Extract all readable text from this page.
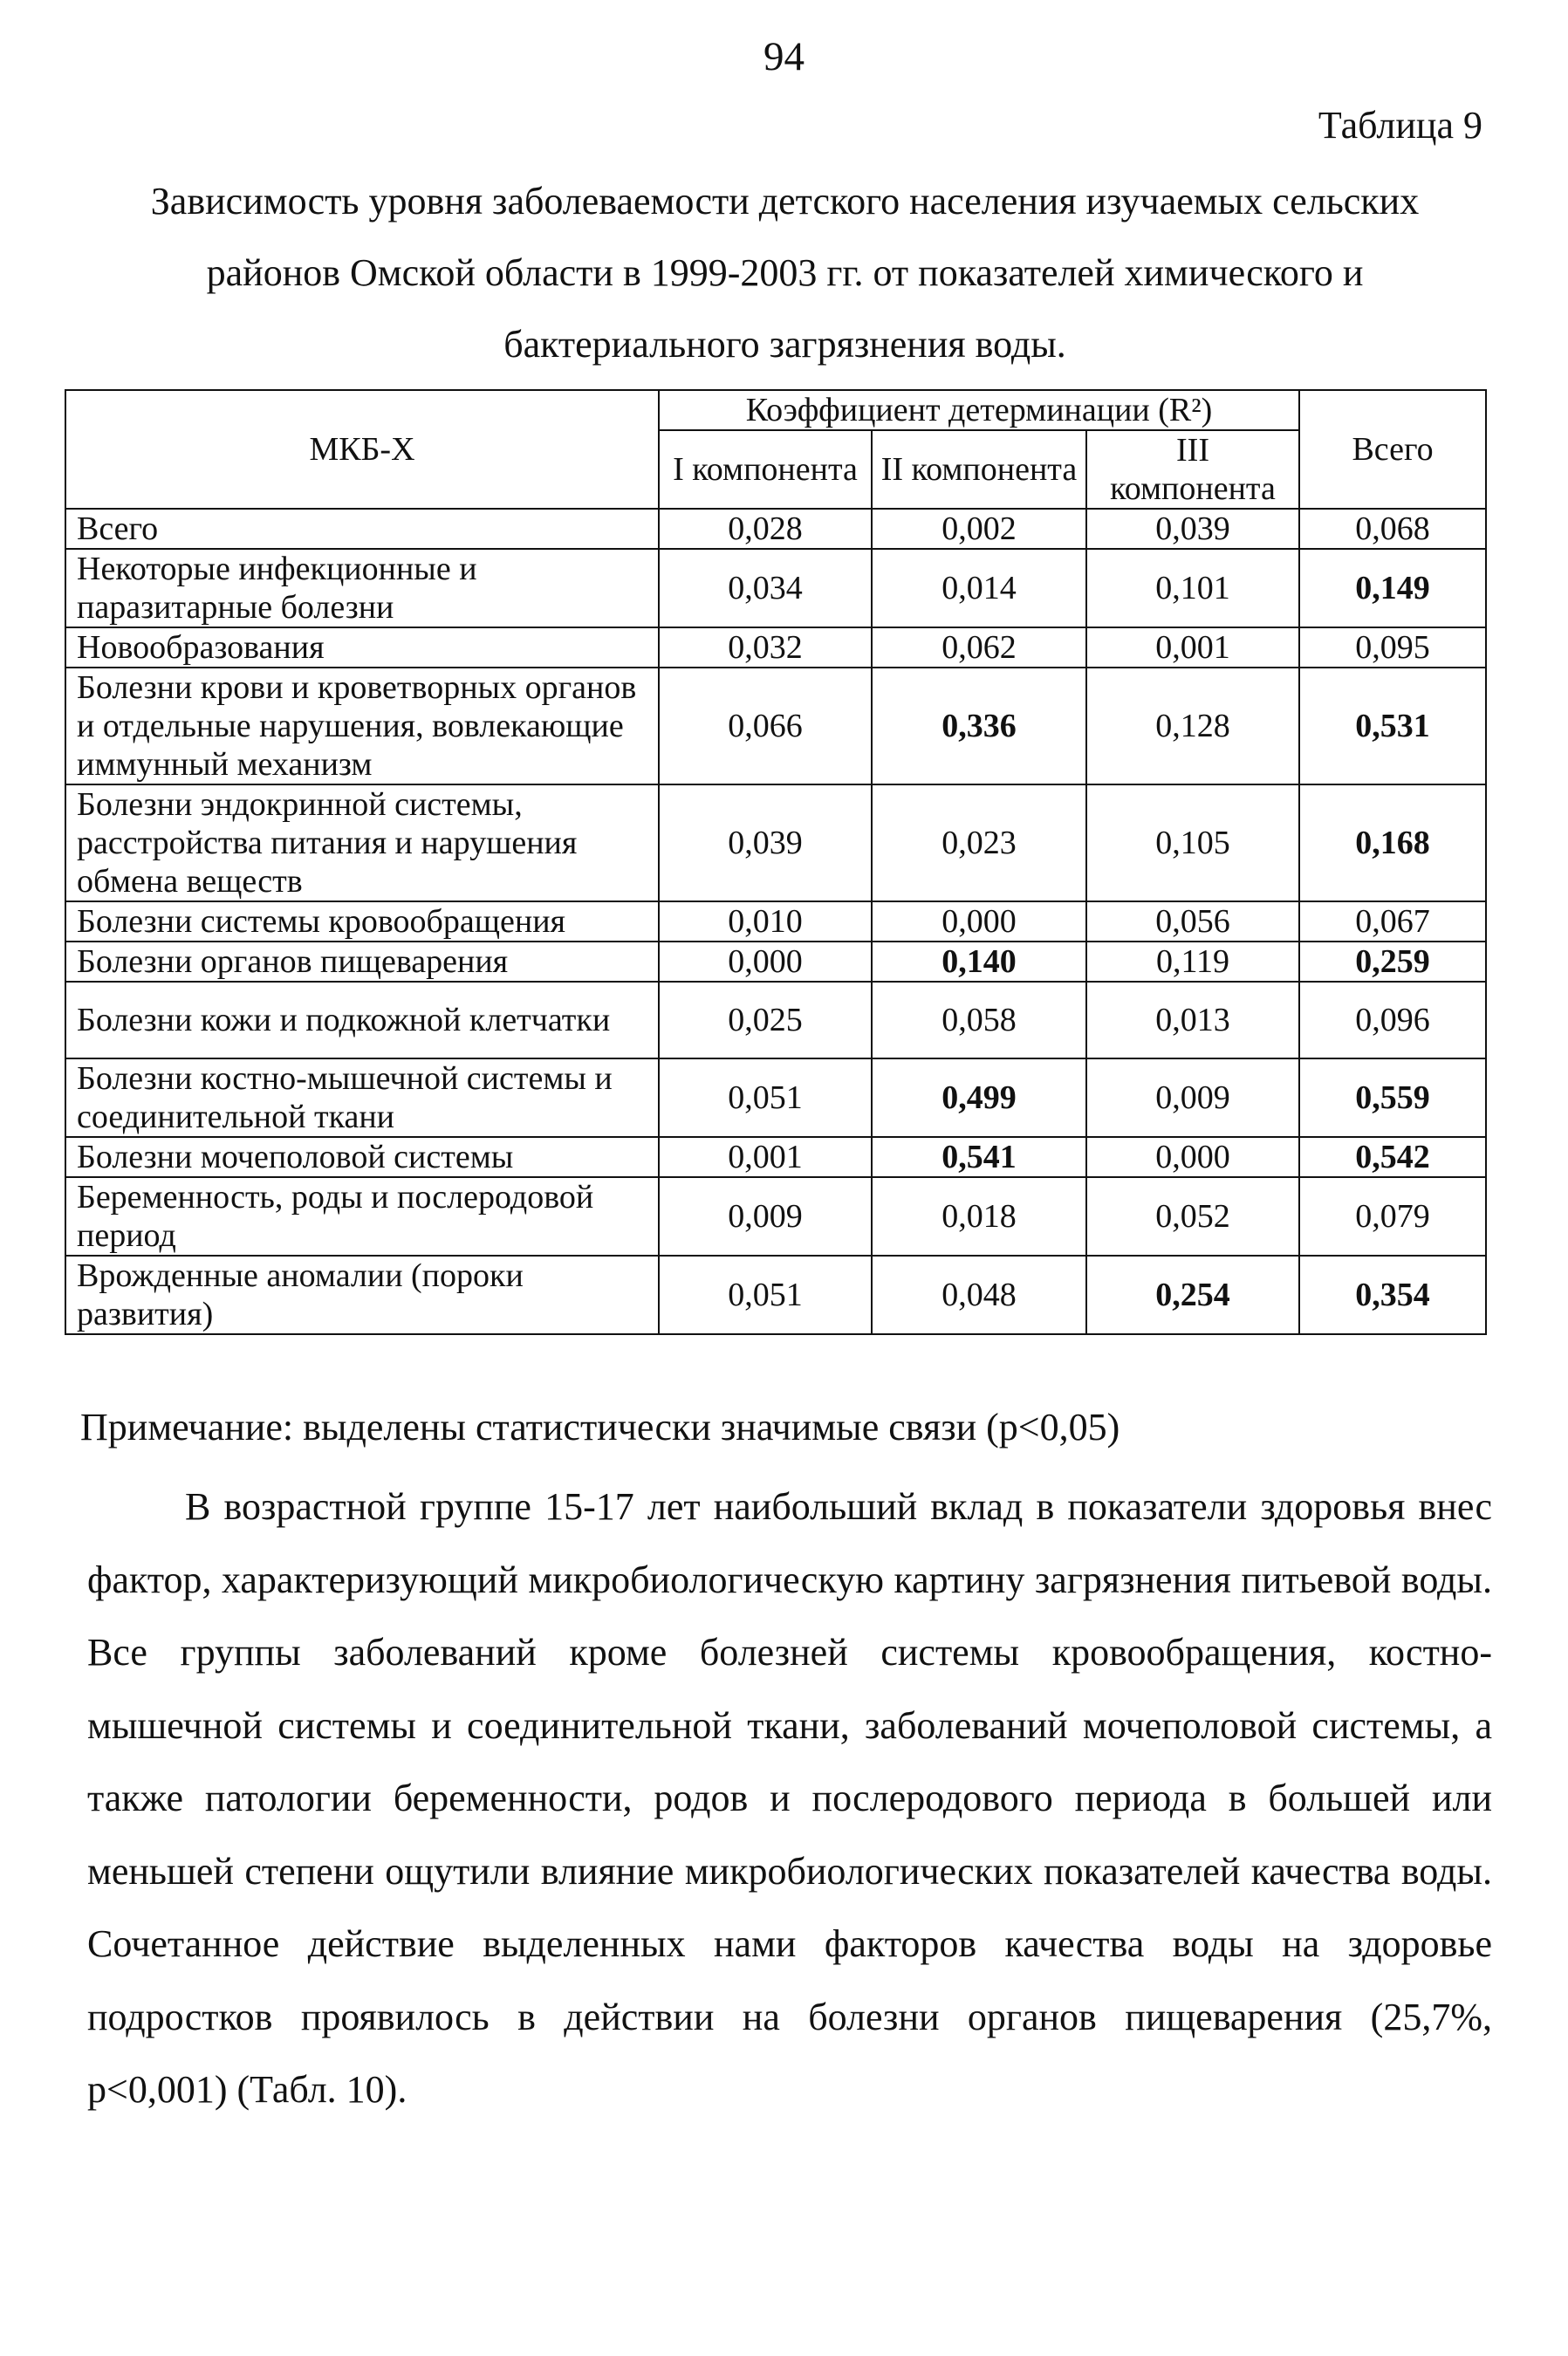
94
Таблица 9
Зависимость уровня заболеваемости детского населения изучаемых сельских районов Омской области в 1999-2003 гг. от показателей химического и бактериального загрязнения воды.
МКБ-Х	Коэффициент детерминации (R²)			Всего
	I компонента	II компонента	III компонента	
Всего	0,028	0,002	0,039	0,068
Некоторые инфекционные и паразитарные болезни	0,034	0,014	0,101	0,149
Новообразования	0,032	0,062	0,001	0,095
Болезни крови и кроветворных органов и отдельные нарушения, вовлекающие иммунный механизм	0,066	0,336	0,128	0,531
Болезни эндокринной системы, расстройства питания и нарушения обмена веществ	0,039	0,023	0,105	0,168
Болезни системы кровообращения	0,010	0,000	0,056	0,067
Болезни органов пищеварения	0,000	0,140	0,119	0,259
Болезни кожи и подкожной клетчатки	0,025	0,058	0,013	0,096
Болезни костно-мышечной системы и соединительной ткани	0,051	0,499	0,009	0,559
Болезни мочеполовой системы	0,001	0,541	0,000	0,542
Беременность, роды и послеродовой период	0,009	0,018	0,052	0,079
Врожденные аномалии (пороки развития)	0,051	0,048	0,254	0,354
Примечание: выделены статистически значимые связи (p<0,05)

В возрастной группе 15-17 лет наибольший вклад в показатели здоровья внес фактор, характеризующий микробиологическую картину загрязнения питьевой воды. Все группы заболеваний кроме болезней системы кровообращения, костно-мышечной системы и соединительной ткани, заболеваний мочеполовой системы, а также патологии беременности, родов и послеродового периода в большей или меньшей степени ощутили влияние микробиологических показателей качества воды. Сочетанное действие выделенных нами факторов качества воды на здоровье подростков проявилось в действии на болезни органов пищеварения (25,7%, p<0,001) (Табл. 10).
